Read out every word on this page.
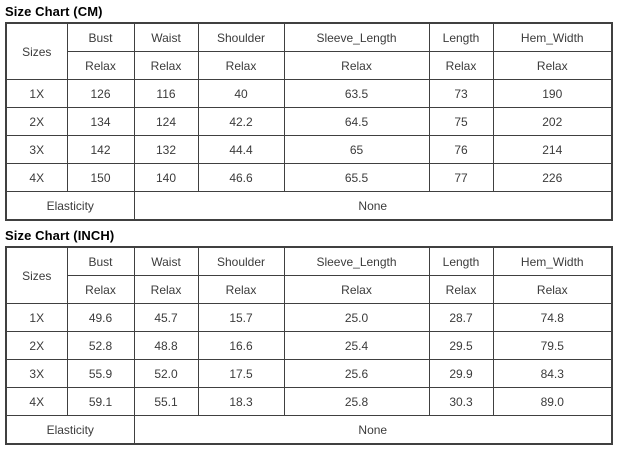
Size Chart (CM)
Sizes	Bust	Waist	Shoulder	Sleeve_Length	Length	Hem_Width
	Relax	Relax	Relax	Relax	Relax	Relax
1X	126	116	40	63.5	73	190
2X	134	124	42.2	64.5	75	202
3X	142	132	44.4	65	76	214
4X	150	140	46.6	65.5	77	226
Elasticity		None				
Size Chart (INCH)
Sizes	Bust	Waist	Shoulder	Sleeve_Length	Length	Hem_Width
	Relax	Relax	Relax	Relax	Relax	Relax
1X	49.6	45.7	15.7	25.0	28.7	74.8
2X	52.8	48.8	16.6	25.4	29.5	79.5
3X	55.9	52.0	17.5	25.6	29.9	84.3
4X	59.1	55.1	18.3	25.8	30.3	89.0
Elasticity		None				
